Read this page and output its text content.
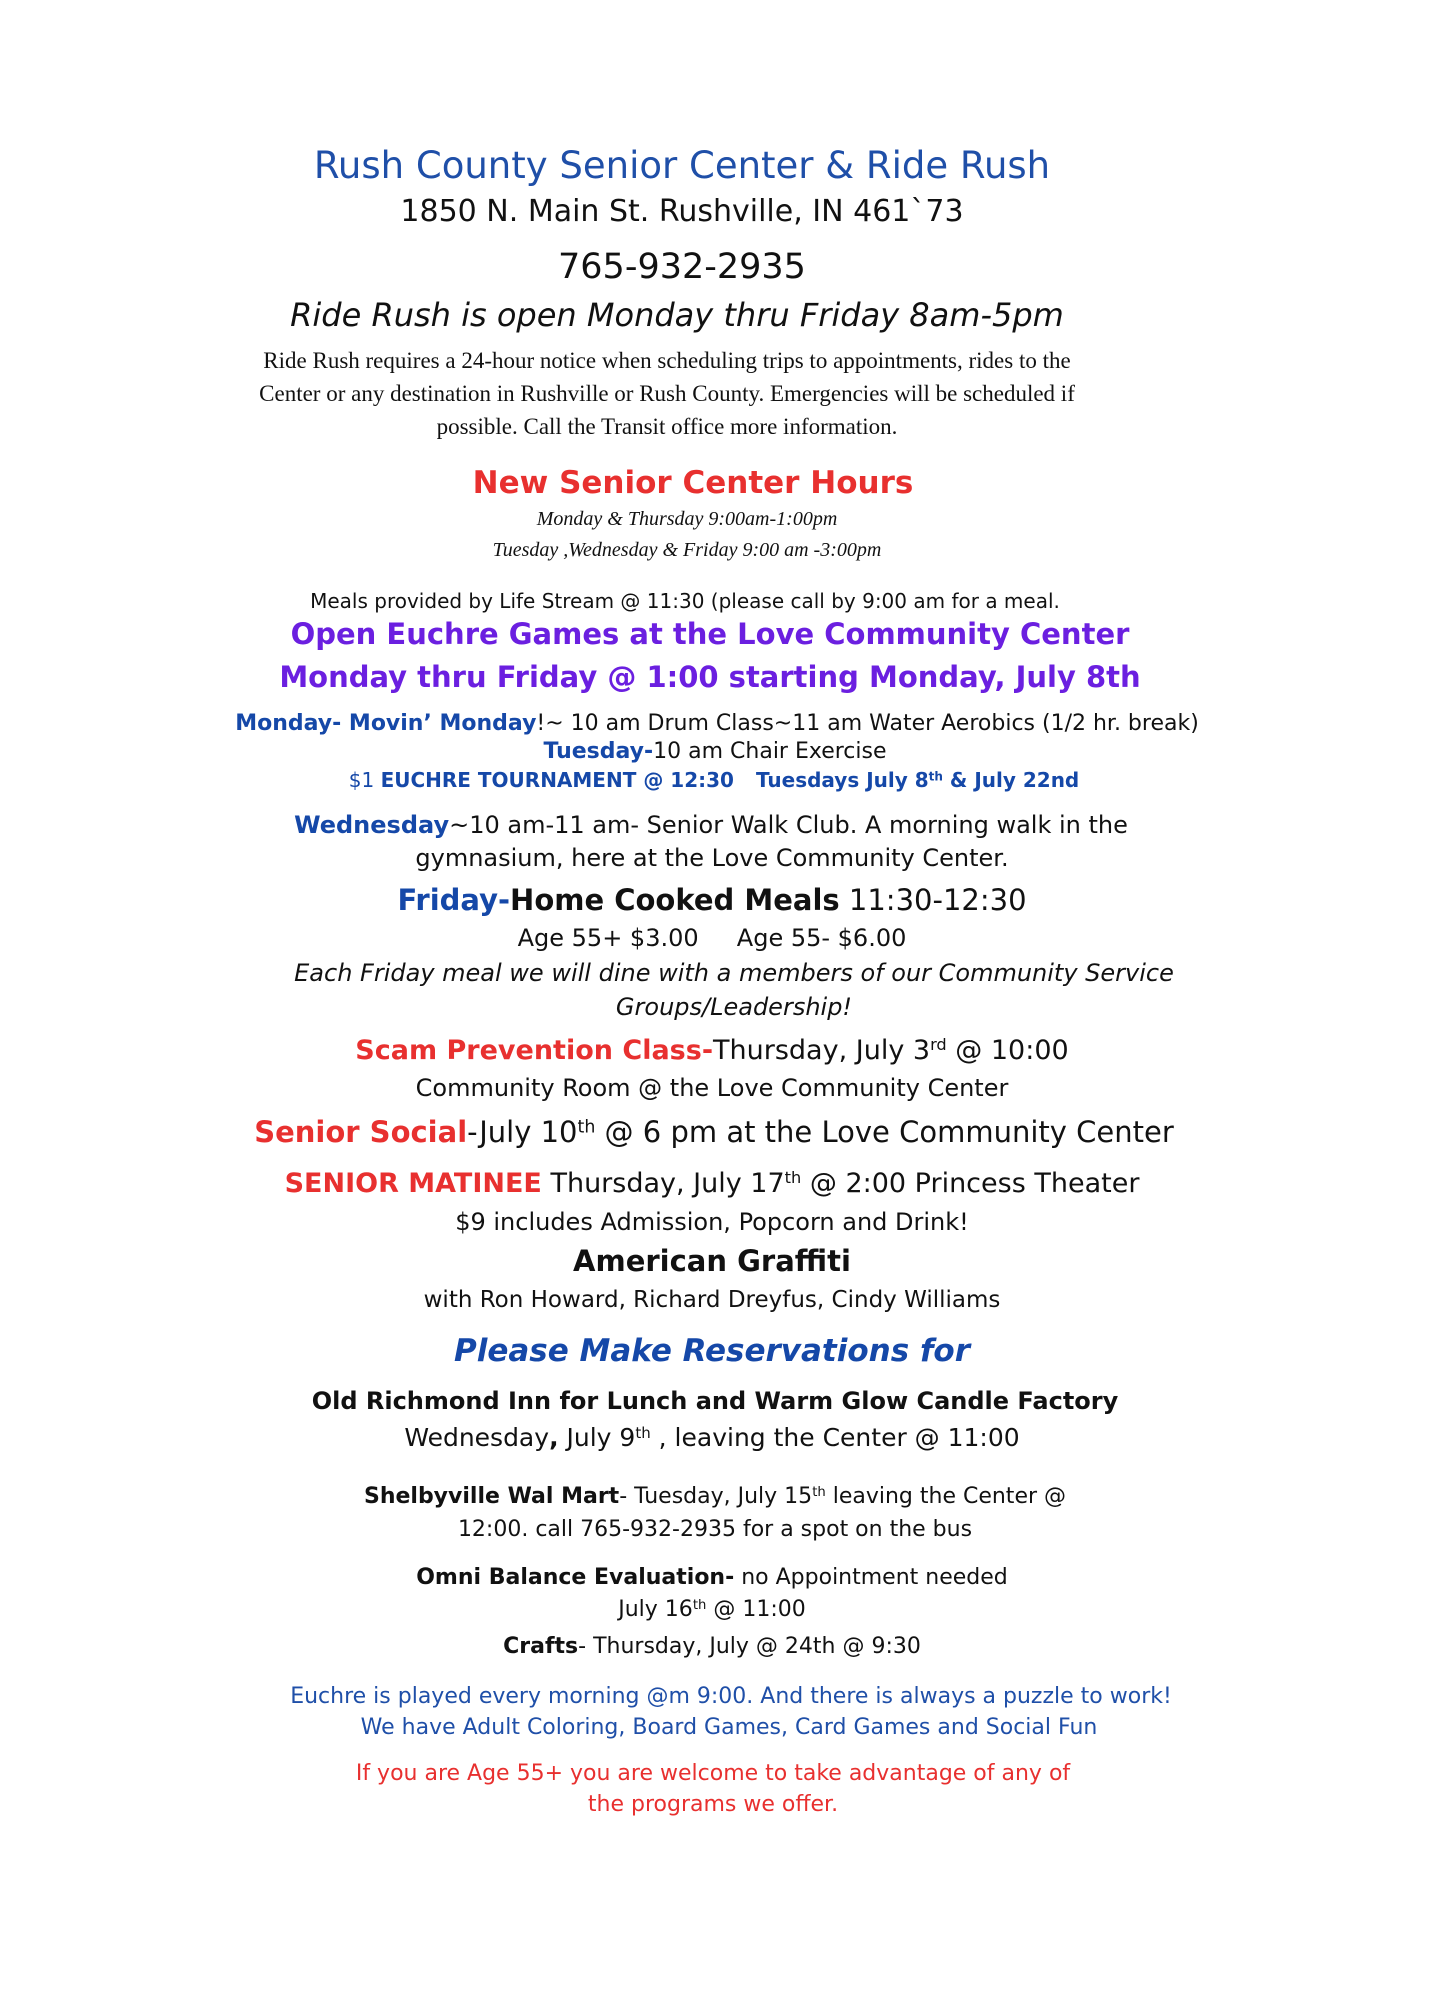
Rush County Senior Center & Ride Rush
1850 N. Main St. Rushville, IN 461`73
765-932-2935
Ride Rush is open Monday thru Friday 8am-5pm
Ride Rush requires a 24-hour notice when scheduling trips to appointments, rides to the
Center or any destination in Rushville or Rush County. Emergencies will be scheduled if
possible. Call the Transit office more information.
New Senior Center Hours
Monday & Thursday 9:00am-1:00pm
Tuesday ,Wednesday & Friday 9:00 am -3:00pm
Meals provided by Life Stream @ 11:30 (please call by 9:00 am for a meal.
Open Euchre Games at the Love Community Center
Monday thru Friday @ 1:00 starting Monday, July 8th
Monday- Movin’ Monday!~ 10 am Drum Class~11 am Water Aerobics (1/2 hr. break)
Tuesday-10 am Chair Exercise
$1 EUCHRE TOURNAMENT @ 12:30 Tuesdays July 8th & July 22nd
Wednesday~10 am-11 am- Senior Walk Club. A morning walk in the
gymnasium, here at the Love Community Center.
Friday-Home Cooked Meals 11:30-12:30
Age 55+ $3.00     Age 55- $6.00
Each Friday meal we will dine with a members of our Community Service
Groups/Leadership!
Scam Prevention Class-Thursday, July 3rd @ 10:00
Community Room @ the Love Community Center
Senior Social-July 10th @ 6 pm at the Love Community Center
SENIOR MATINEE Thursday, July 17th @ 2:00 Princess Theater
$9 includes Admission, Popcorn and Drink!
American Graffiti
with Ron Howard, Richard Dreyfus, Cindy Williams
Please Make Reservations for
Old Richmond Inn for Lunch and Warm Glow Candle Factory
Wednesday, July 9th , leaving the Center @ 11:00
Shelbyville Wal Mart- Tuesday, July 15th leaving the Center @
12:00. call 765-932-2935 for a spot on the bus
Omni Balance Evaluation- no Appointment needed
July 16th @ 11:00
Crafts- Thursday, July @ 24th @ 9:30
Euchre is played every morning @m 9:00. And there is always a puzzle to work!
We have Adult Coloring, Board Games, Card Games and Social Fun
If you are Age 55+ you are welcome to take advantage of any of
the programs we offer.
